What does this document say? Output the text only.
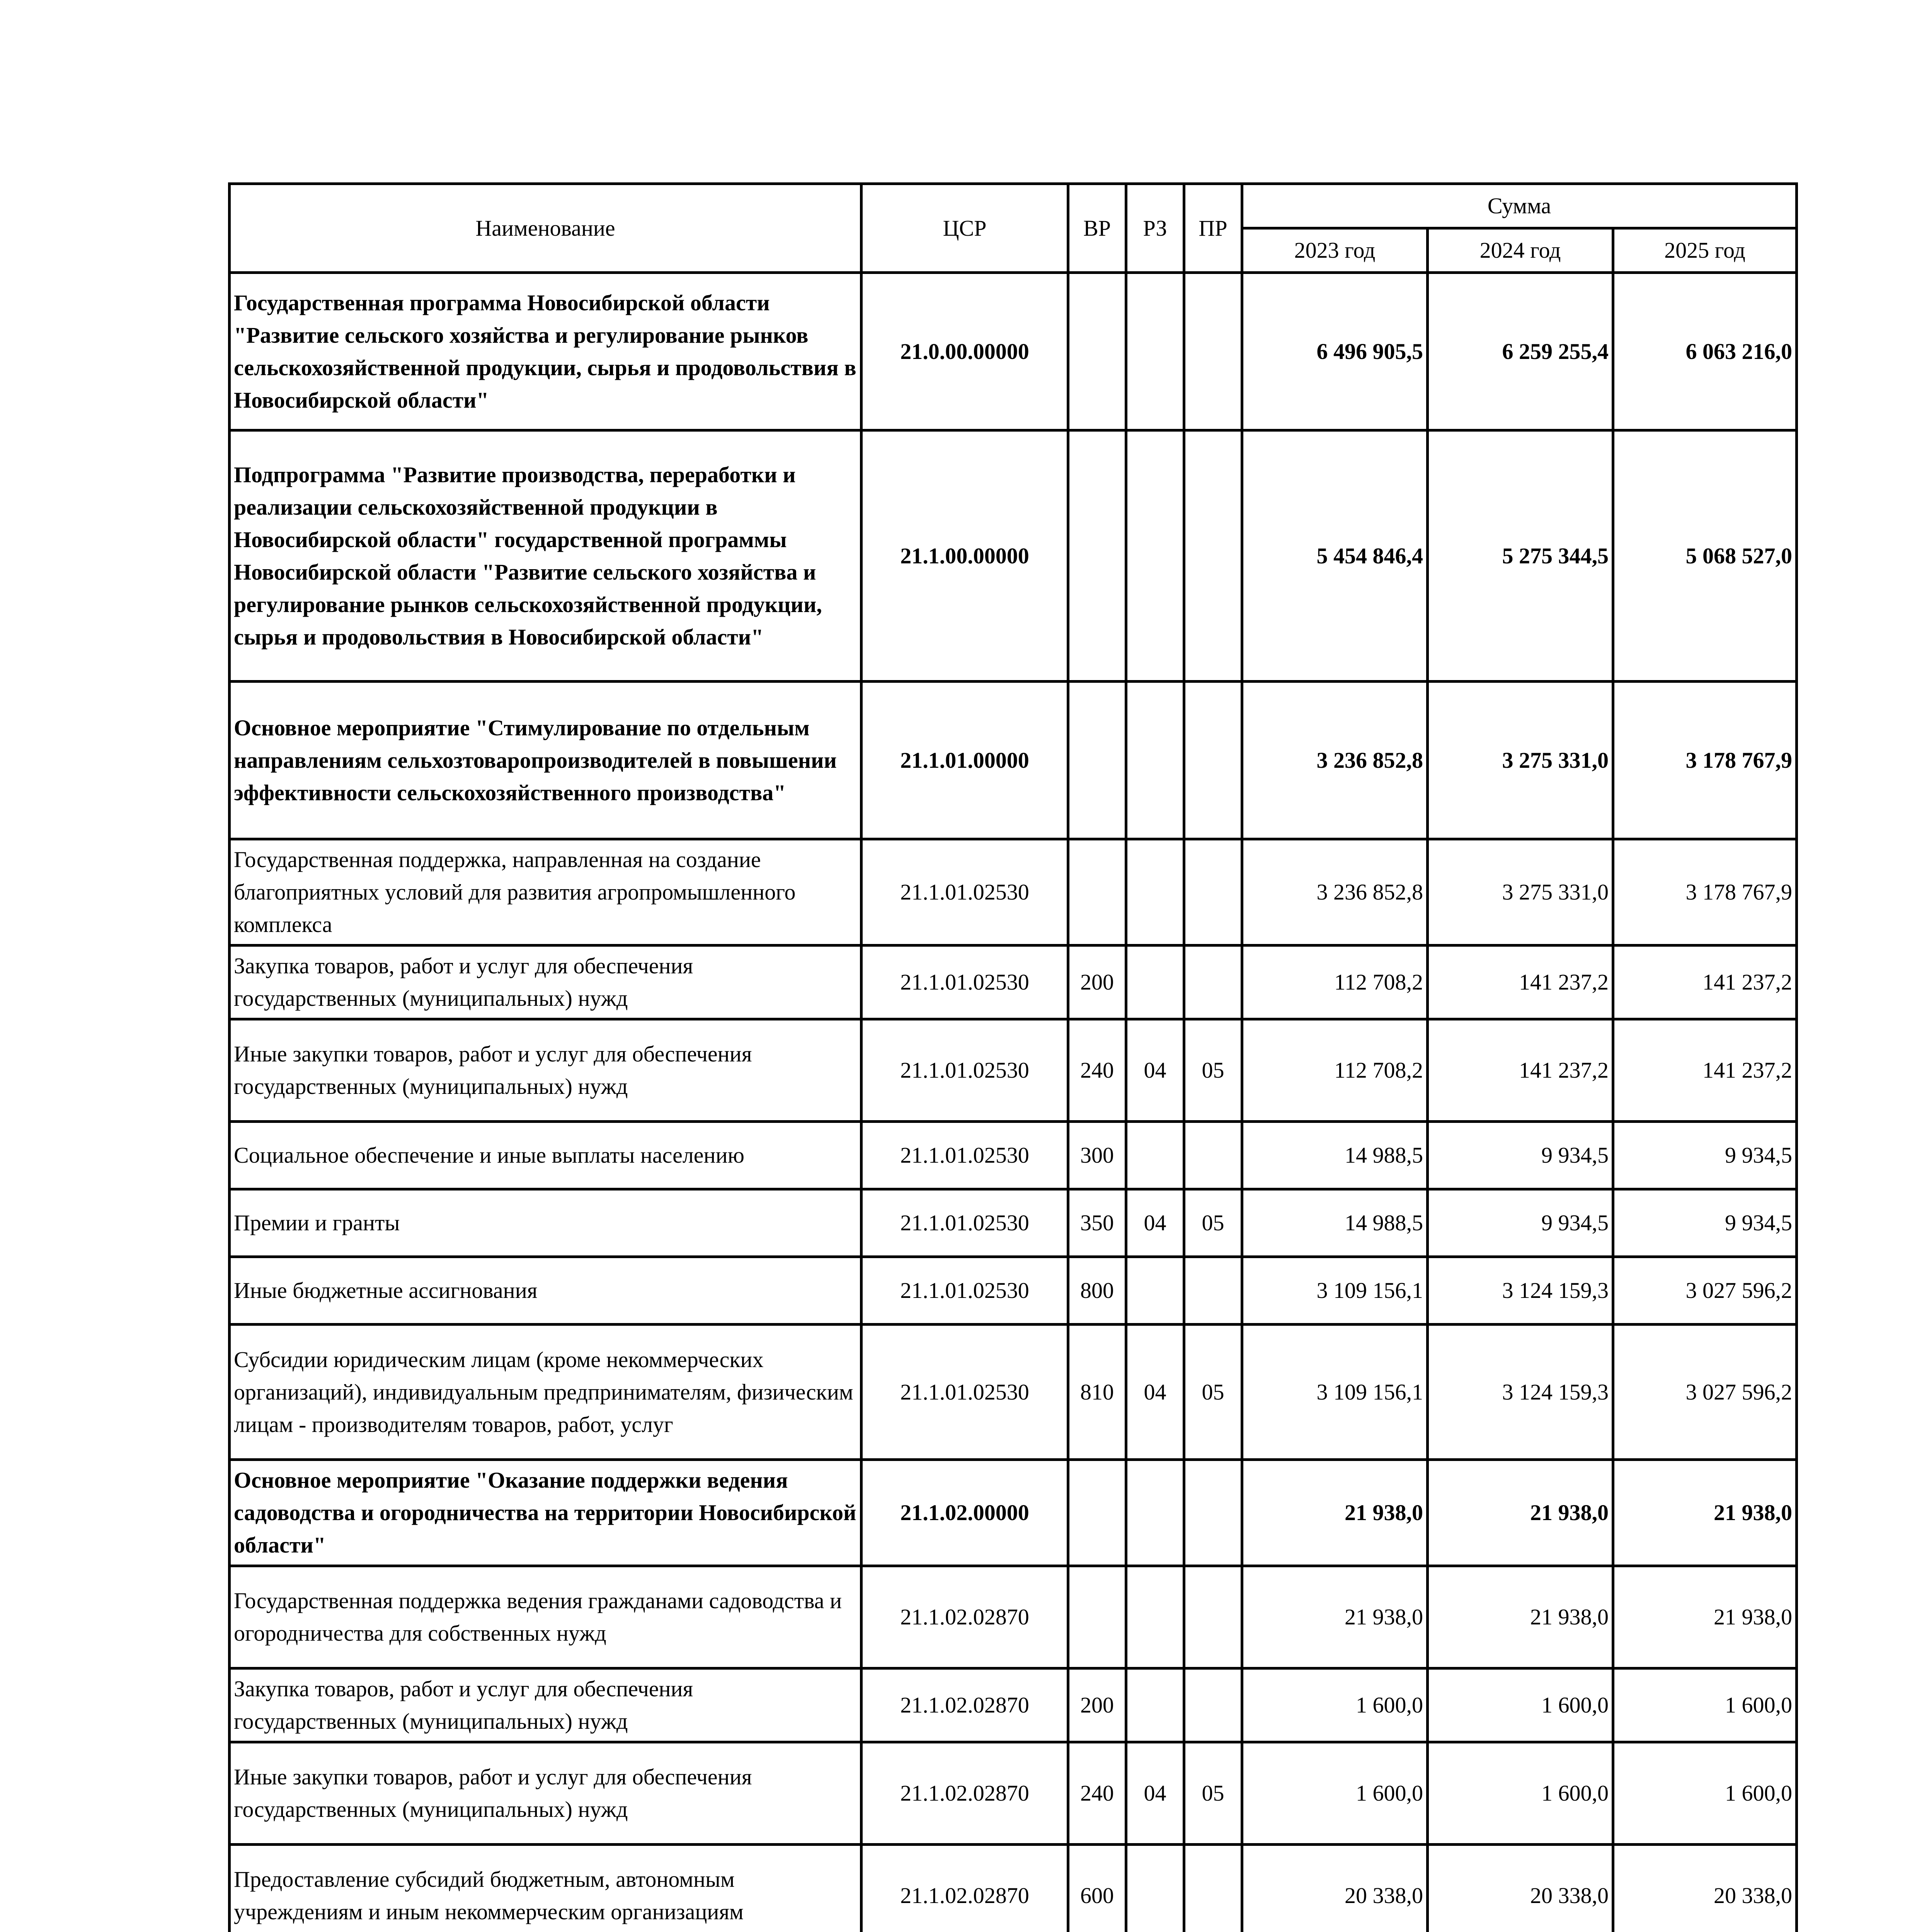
Наименование	ЦСР	ВР	РЗ	ПР	Сумма		
					2023 год	2024 год	2025 год
Государственная программа Новосибирской области "Развитие сельского хозяйства и регулирование рынков сельскохозяйственной продукции, сырья и продовольствия в Новосибирской области"	21.0.00.00000				6 496 905,5	6 259 255,4	6 063 216,0
Подпрограмма "Развитие производства, переработки и реализации сельскохозяйственной продукции в Новосибирской области" государственной программы Новосибирской области "Развитие сельского хозяйства и регулирование рынков сельскохозяйственной продукции, сырья и продовольствия в Новосибирской области"	21.1.00.00000				5 454 846,4	5 275 344,5	5 068 527,0
Основное мероприятие "Стимулирование по отдельным направлениям сельхозтоваропроизводителей в повышении эффективности сельскохозяйственного производства"	21.1.01.00000				3 236 852,8	3 275 331,0	3 178 767,9
Государственная поддержка, направленная на создание благоприятных условий для развития агропромышленного комплекса	21.1.01.02530				3 236 852,8	3 275 331,0	3 178 767,9
Закупка товаров, работ и услуг для обеспечения государственных (муниципальных) нужд	21.1.01.02530	200			112 708,2	141 237,2	141 237,2
Иные закупки товаров, работ и услуг для обеспечения государственных (муниципальных) нужд	21.1.01.02530	240	04	05	112 708,2	141 237,2	141 237,2
Социальное обеспечение и иные выплаты населению	21.1.01.02530	300			14 988,5	9 934,5	9 934,5
Премии и гранты	21.1.01.02530	350	04	05	14 988,5	9 934,5	9 934,5
Иные бюджетные ассигнования	21.1.01.02530	800			3 109 156,1	3 124 159,3	3 027 596,2
Субсидии юридическим лицам (кроме некоммерческих организаций), индивидуальным предпринимателям, физическим лицам - производителям товаров, работ, услуг	21.1.01.02530	810	04	05	3 109 156,1	3 124 159,3	3 027 596,2
Основное мероприятие "Оказание поддержки ведения садоводства и огородничества на территории Новосибирской области"	21.1.02.00000				21 938,0	21 938,0	21 938,0
Государственная поддержка ведения гражданами садоводства и огородничества для собственных нужд	21.1.02.02870				21 938,0	21 938,0	21 938,0
Закупка товаров, работ и услуг для обеспечения государственных (муниципальных) нужд	21.1.02.02870	200			1 600,0	1 600,0	1 600,0
Иные закупки товаров, работ и услуг для обеспечения государственных (муниципальных) нужд	21.1.02.02870	240	04	05	1 600,0	1 600,0	1 600,0
Предоставление субсидий бюджетным, автономным учреждениям и иным некоммерческим организациям	21.1.02.02870	600			20 338,0	20 338,0	20 338,0
